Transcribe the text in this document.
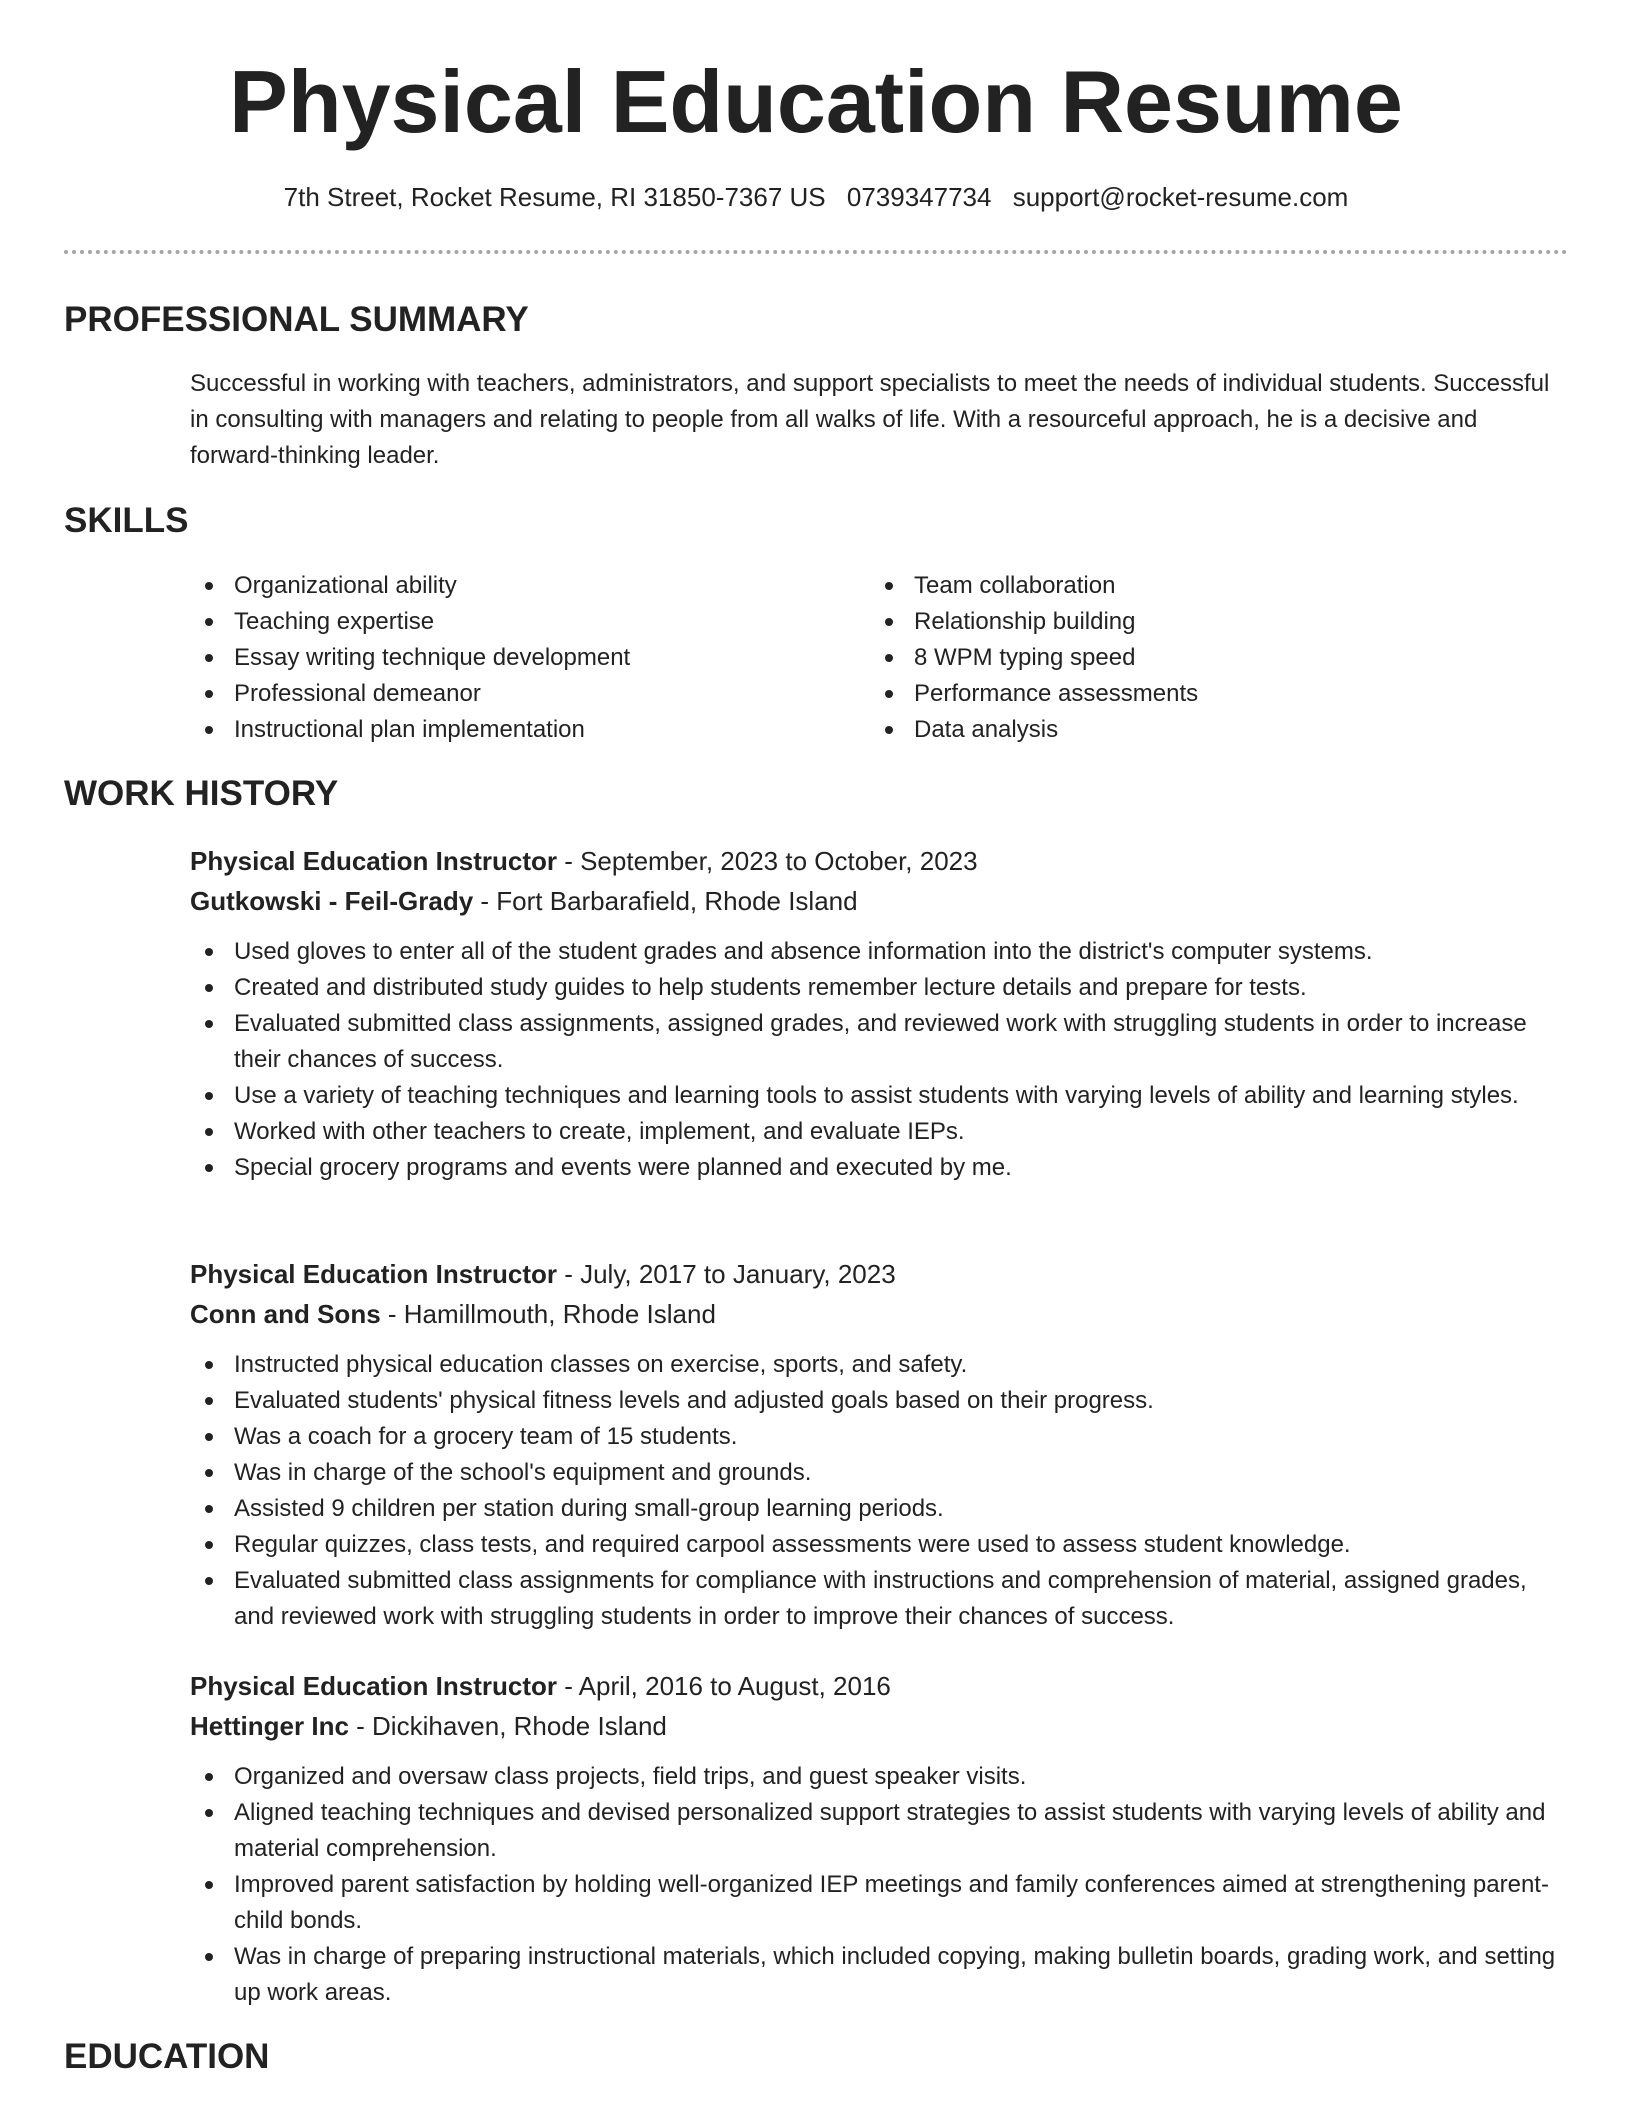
Physical Education Resume
7th Street, Rocket Resume, RI 31850-7367 US 0739347734 support@rocket-resume.com
PROFESSIONAL SUMMARY

Successful in working with teachers, administrators, and support specialists to meet the needs of individual students. Successful in consulting with managers and relating to people from all walks of life. With a resourceful approach, he is a decisive and forward-thinking leader.

SKILLS
Organizational ability
Teaching expertise
Essay writing technique development
Professional demeanor
Instructional plan implementation
Team collaboration
Relationship building
8 WPM typing speed
Performance assessments
Data analysis
WORK HISTORY
Physical Education Instructor - September, 2023 to October, 2023
Gutkowski - Feil-Grady - Fort Barbarafield, Rhode Island
Used gloves to enter all of the student grades and absence information into the district's computer systems.
Created and distributed study guides to help students remember lecture details and prepare for tests.
Evaluated submitted class assignments, assigned grades, and reviewed work with struggling students in order to increase their chances of success.
Use a variety of teaching techniques and learning tools to assist students with varying levels of ability and learning styles.
Worked with other teachers to create, implement, and evaluate IEPs.
Special grocery programs and events were planned and executed by me.
Physical Education Instructor - July, 2017 to January, 2023
Conn and Sons - Hamillmouth, Rhode Island
Instructed physical education classes on exercise, sports, and safety.
Evaluated students' physical fitness levels and adjusted goals based on their progress.
Was a coach for a grocery team of 15 students.
Was in charge of the school's equipment and grounds.
Assisted 9 children per station during small-group learning periods.
Regular quizzes, class tests, and required carpool assessments were used to assess student knowledge.
Evaluated submitted class assignments for compliance with instructions and comprehension of material, assigned grades, and reviewed work with struggling students in order to improve their chances of success.
Physical Education Instructor - April, 2016 to August, 2016
Hettinger Inc - Dickihaven, Rhode Island
Organized and oversaw class projects, field trips, and guest speaker visits.
Aligned teaching techniques and devised personalized support strategies to assist students with varying levels of ability and material comprehension.
Improved parent satisfaction by holding well-organized IEP meetings and family conferences aimed at strengthening parent-child bonds.
Was in charge of preparing instructional materials, which included copying, making bulletin boards, grading work, and setting up work areas.
EDUCATION
